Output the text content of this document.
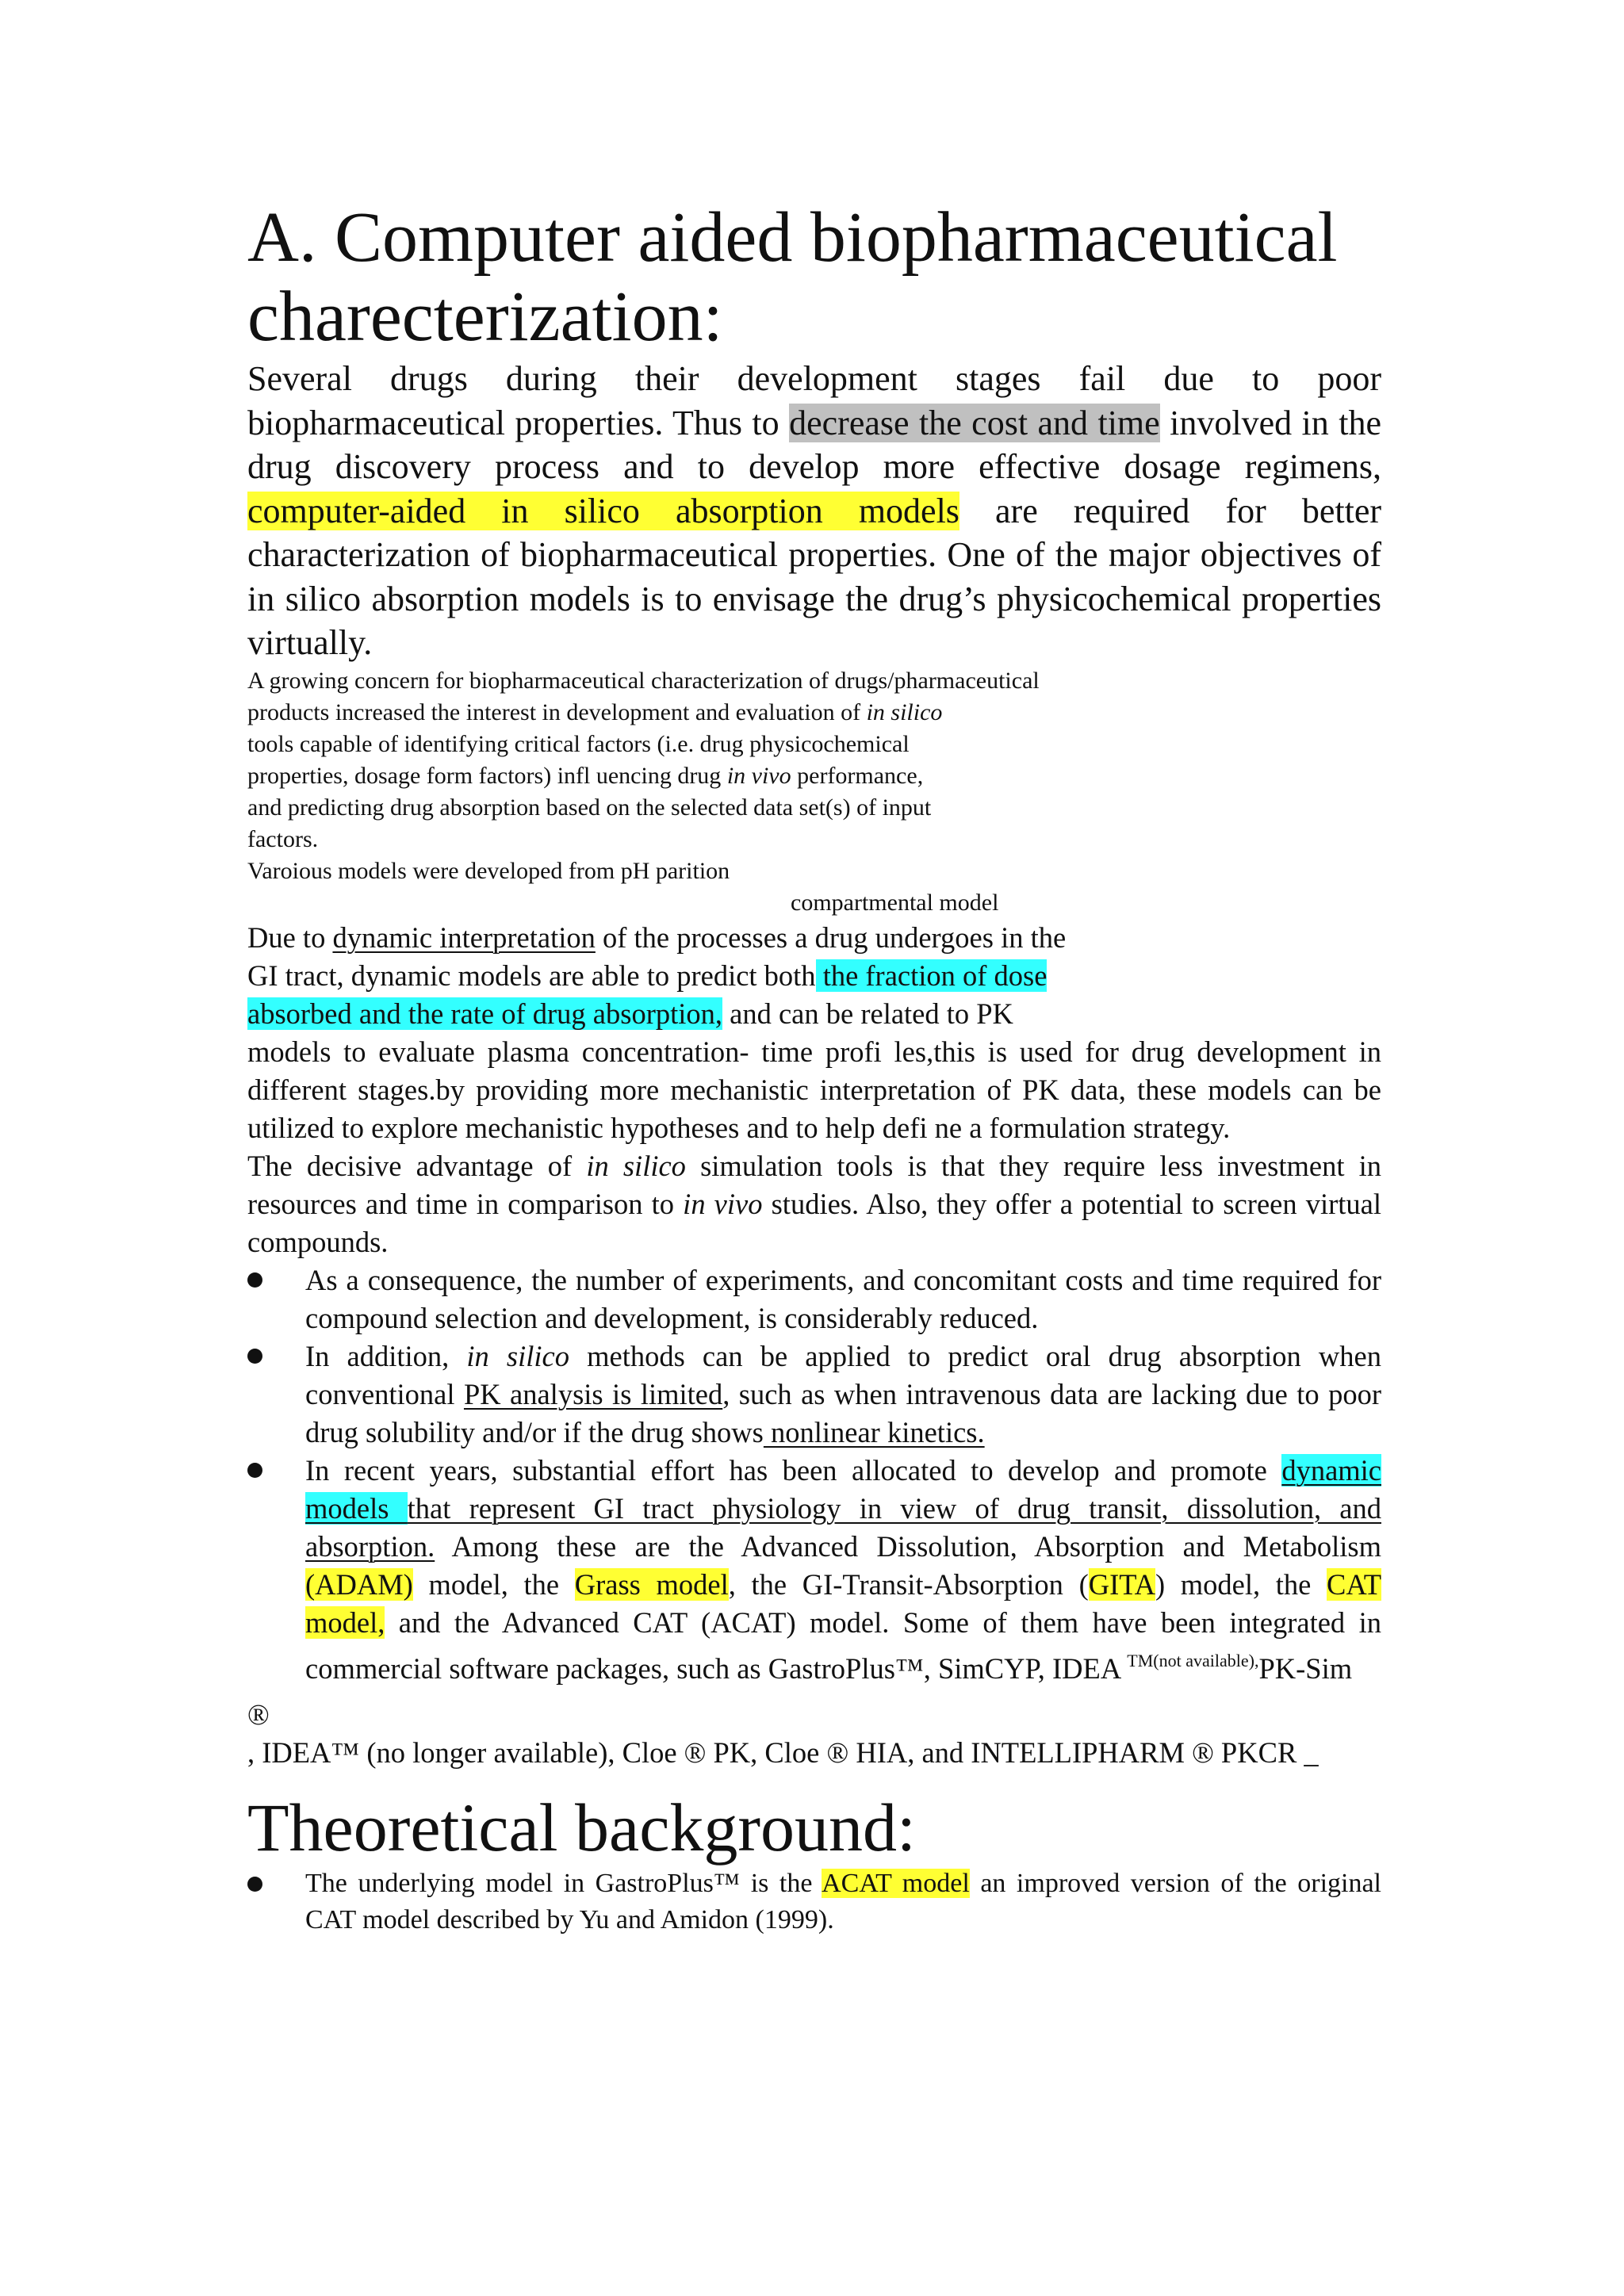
A. Computer aided biopharmaceutical charecterization:

Several drugs during their development stages fail due to poor biopharmaceutical properties. Thus to decrease the cost and time involved in the drug discovery process and to develop more effective dosage regimens, computer-aided in silico absorption models are required for better characterization of biopharmaceutical properties. One of the major objectives of in silico absorption models is to envisage the drug’s physicochemical properties virtually.

A growing concern for biopharmaceutical characterization of drugs/pharmaceutical

products increased the interest in development and evaluation of in silico

tools capable of identifying critical factors (i.e. drug physicochemical

properties, dosage form factors) infl uencing drug in vivo performance,

and predicting drug absorption based on the selected data set(s) of input

factors.

Varoious models were developed from pH parition

compartmental model

Due to dynamic interpretation of the processes a drug undergoes in the

GI tract, dynamic models are able to predict both the fraction of dose

absorbed and the rate of drug absorption, and can be related to PK

models to evaluate plasma concentration- time profi les,this is used for drug development in different stages.by providing more mechanistic interpretation of PK data, these models can be utilized to explore mechanistic hypotheses and to help defi ne a formulation strategy.

The decisive advantage of in silico simulation tools is that they require less investment in resources and time in comparison to in vivo studies. Also, they offer a potential to screen virtual compounds.

As a consequence, the number of experiments, and concomitant costs and time required for compound selection and development, is considerably reduced.
In addition, in silico methods can be applied to predict oral drug absorption when conventional PK analysis is limited, such as when intravenous data are lacking due to poor drug solubility and/or if the drug shows nonlinear kinetics.
In recent years, substantial effort has been allocated to develop and promote dynamic models that represent GI tract physiology in view of drug transit, dissolution, and absorption. Among these are the Advanced Dissolution, Absorption and Metabolism (ADAM) model, the Grass model, the GI-Transit-Absorption (GITA) model, the CAT model, and the Advanced CAT (ACAT) model. Some of them have been integrated in commercial software packages, such as GastroPlus™, SimCYP, IDEA $^{TM(not available),}$PK-Sim

®

, IDEA™ (no longer available), Cloe ® PK, Cloe ® HIA, and INTELLIPHARM ® PKCR _

Theoretical background:
The underlying model in GastroPlus™ is the ACAT model an improved version of the original CAT model described by Yu and Amidon (1999).
